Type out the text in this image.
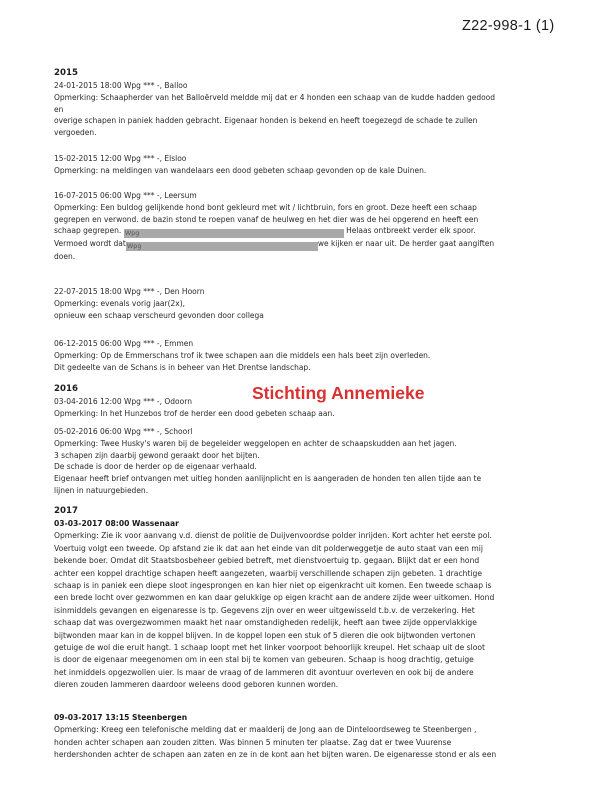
Z22-998-1 (1)
2015

24-01-2015 18:00 Wpg *** -, Balloo

Opmerking: Schaapherder van het Balloërveld meldde mij dat er 4 honden een schaap van de kudde hadden gedood

en

overige schapen in paniek hadden gebracht. Eigenaar honden is bekend en heeft toegezegd de schade te zullen

vergoeden.

15-02-2015 12:00 Wpg *** -, Elsloo

Opmerking: na meldingen van wandelaars een dood gebeten schaap gevonden op de kale Duinen.

16-07-2015 06:00 Wpg *** -, Leersum

Opmerking: Een buldog gelijkende hond bont gekleurd met wit / lichtbruin, fors en groot. Deze heeft een schaap

gegrepen en verwond. de bazin stond te roepen vanaf de heulweg en het dier was de hei opgerend en heeft een

schaap gegrepen. Wpg	Helaas ontbreekt verder elk spoor.

Vermoed wordt datWpg	we kijken er naar uit. De herder gaat aangiften

doen.

22-07-2015 18:00 Wpg *** -, Den Hoorn

Opmerking: evenals vorig jaar(2x),

opnieuw een schaap verscheurd gevonden door collega

06-12-2015 06:00 Wpg *** -, Emmen

Opmerking: Op de Emmerschans trof ik twee schapen aan die middels een hals beet zijn overleden.

Dit gedeelte van de Schans is in beheer van Het Drentse landschap.

2016

03-04-2016 12:00 Wpg *** -, Odoorn

Opmerking: In het Hunzebos trof de herder een dood gebeten schaap aan.

05-02-2016 06:00 Wpg *** -, Schoorl

Opmerking: Twee Husky's waren bij de begeleider weggelopen en achter de schaapskudden aan het jagen.

3 schapen zijn daarbij gewond geraakt door het bijten.

De schade is door de herder op de eigenaar verhaald.

Eigenaar heeft brief ontvangen met uitleg honden aanlijnplicht en is aangeraden de honden ten allen tijde aan te

lijnen in natuurgebieden.

Stichting Annemieke
2017

03-03-2017 08:00 Wassenaar

Opmerking: Zie ik voor aanvang v.d. dienst de politie de Duijvenvoordse polder inrijden. Kort achter het eerste pol.

Voertuig volgt een tweede. Op afstand zie ik dat aan het einde van dit polderweggetje de auto staat van een mij

bekende boer. Omdat dit Staatsbosbeheer gebied betreft, met dienstvoertuig tp. gegaan. Blijkt dat er een hond

achter een koppel drachtige schapen heeft aangezeten, waarbij verschillende schapen zijn gebeten. 1 drachtige

schaap is in paniek een diepe sloot ingesprongen en kan hier niet op eigenkracht uit komen. Een tweede schaap is

een brede locht over gezwommen en kan daar gelukkige op eigen kracht aan de andere zijde weer uitkomen. Hond

isinmiddels gevangen en eigenaresse is tp. Gegevens zijn over en weer uitgewisseld t.b.v. de verzekering. Het

schaap dat was overgezwommen maakt het naar omstandigheden redelijk, heeft aan twee zijde oppervlakkige

bijtwonden maar kan in de koppel blijven. In de koppel lopen een stuk of 5 dieren die ook bijtwonden vertonen

getuige de wol die eruit hangt. 1 schaap loopt met het linker voorpoot behoorlijk kreupel. Het schaap uit de sloot

is door de eigenaar meegenomen om in een stal bij te komen van gebeuren. Schaap is hoog drachtig, getuige

het inmiddels opgezwollen uier. Is maar de vraag of de lammeren dit avontuur overleven en ook bij de andere

dieren zouden lammeren daardoor weleens dood geboren kunnen worden.

09-03-2017 13:15 Steenbergen

Opmerking: Kreeg een telefonische melding dat er maalderij de Jong aan de Dinteloordseweg te Steenbergen ,

honden achter schapen aan zouden zitten. Was binnen 5 minuten ter plaatse. Zag dat er twee Vuurense

herdershonden achter de schapen aan zaten en ze in de kont aan het bijten waren. De eigenaresse stond er als een
